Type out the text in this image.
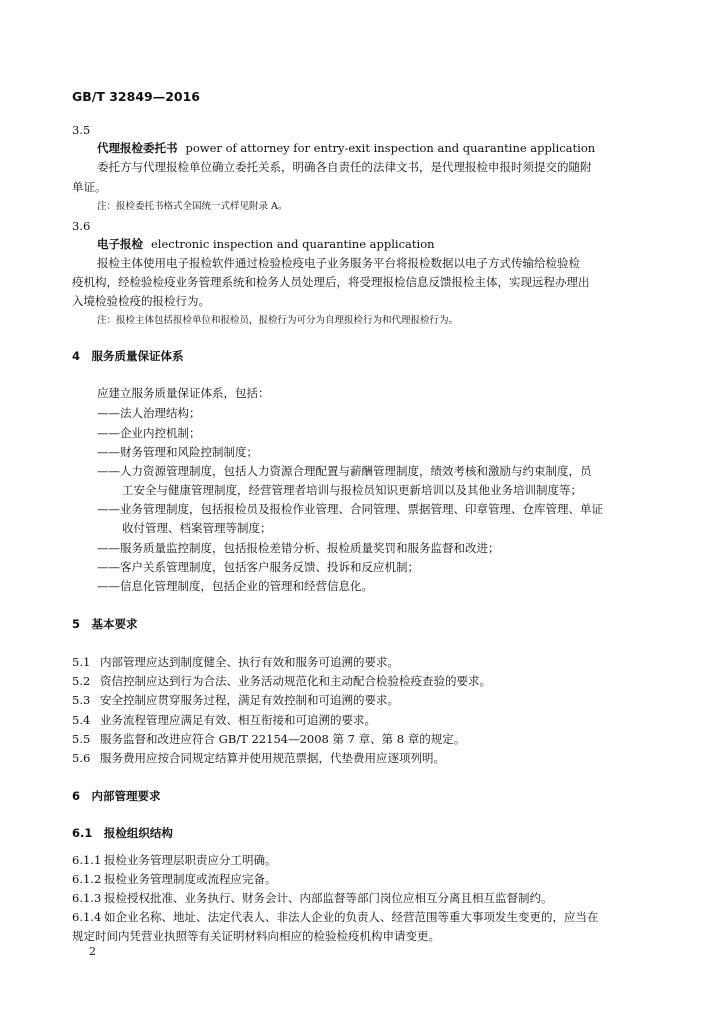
GB/T 32849—2016
3.5
代理报检委托书 power of attorney for entry-exit inspection and quarantine application
委托方与代理报检单位确立委托关系，明确各自责任的法律文书，是代理报检申报时须提交的随附
单证。
注：报检委托书格式全国统一式样见附录 A。
3.6
电子报检 electronic inspection and quarantine application
报检主体使用电子报检软件通过检验检疫电子业务服务平台将报检数据以电子方式传输给检验检
疫机构，经检验检疫业务管理系统和检务人员处理后，将受理报检信息反馈报检主体，实现远程办理出
入境检验检疫的报检行为。
注：报检主体包括报检单位和报检员，报检行为可分为自理报检行为和代理报检行为。
4　服务质量保证体系
应建立服务质量保证体系，包括：
——法人治理结构；
——企业内控机制；
——财务管理和风险控制制度；
——人力资源管理制度，包括人力资源合理配置与薪酬管理制度，绩效考核和激励与约束制度，员
工安全与健康管理制度，经营管理者培训与报检员知识更新培训以及其他业务培训制度等；
——业务管理制度，包括报检员及报检作业管理、合同管理、票据管理、印章管理、仓库管理、单证
收付管理、档案管理等制度；
——服务质量监控制度，包括报检差错分析、报检质量奖罚和服务监督和改进；
——客户关系管理制度，包括客户服务反馈、投诉和反应机制；
——信息化管理制度，包括企业的管理和经营信息化。
5　基本要求
5.1 内部管理应达到制度健全、执行有效和服务可追溯的要求。
5.2 资信控制应达到行为合法、业务活动规范化和主动配合检验检疫查验的要求。
5.3 安全控制应贯穿服务过程，满足有效控制和可追溯的要求。
5.4 业务流程管理应满足有效、相互衔接和可追溯的要求。
5.5 服务监督和改进应符合 GB/T 22154—2008 第 7 章、第 8 章的规定。
5.6 服务费用应按合同规定结算并使用规范票据，代垫费用应逐项列明。
6　内部管理要求
6.1　报检组织结构
6.1.1 报检业务管理层职责应分工明确。
6.1.2 报检业务管理制度或流程应完备。
6.1.3 报检授权批准、业务执行、财务会计、内部监督等部门岗位应相互分离且相互监督制约。
6.1.4 如企业名称、地址、法定代表人、非法人企业的负责人、经营范围等重大事项发生变更的，应当在
规定时间内凭营业执照等有关证明材料向相应的检验检疫机构申请变更。
2
